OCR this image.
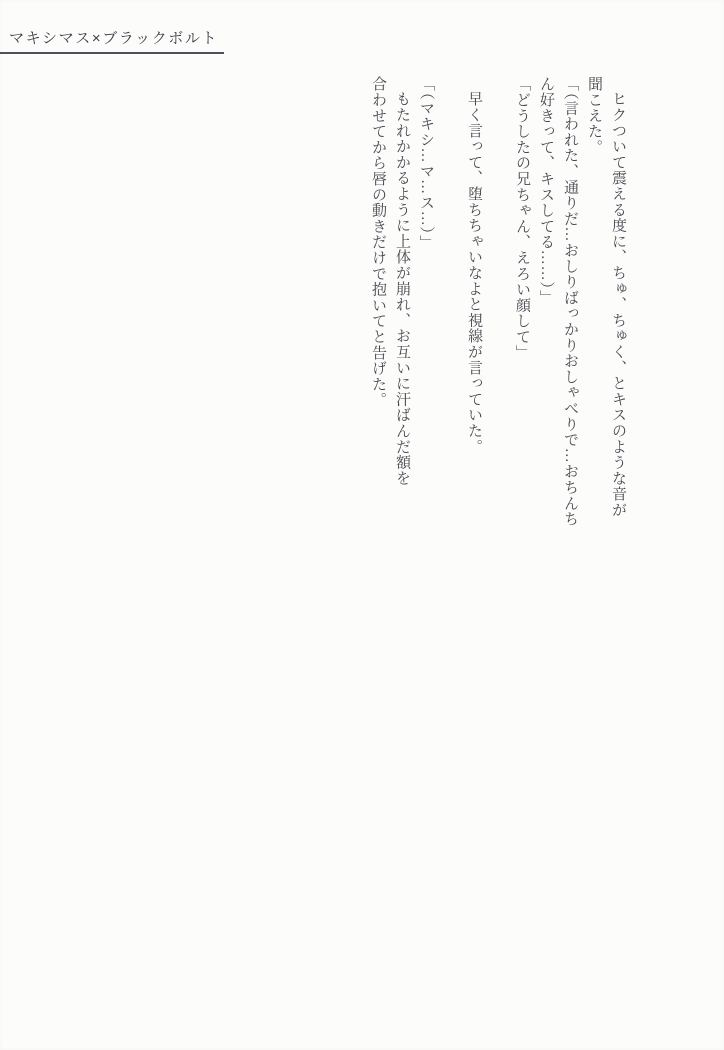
マキシマス×ブラックボルト
ヒクついて震える度に、ちゅ、ちゅく、とキスのような音が
聞こえた。
「（言われた、通りだ…おしりばっかりおしゃべりで…おちんち
ん好きって、キスしてる……）」
「どうしたの兄ちゃん、えろい顔して」
早く言って、堕ちちゃいなよと視線が言っていた。
「（マキシ…マ…ス…）」
もたれかかるように上体が崩れ、お互いに汗ばんだ額を
合わせてから唇の動きだけで抱いてと告げた。
